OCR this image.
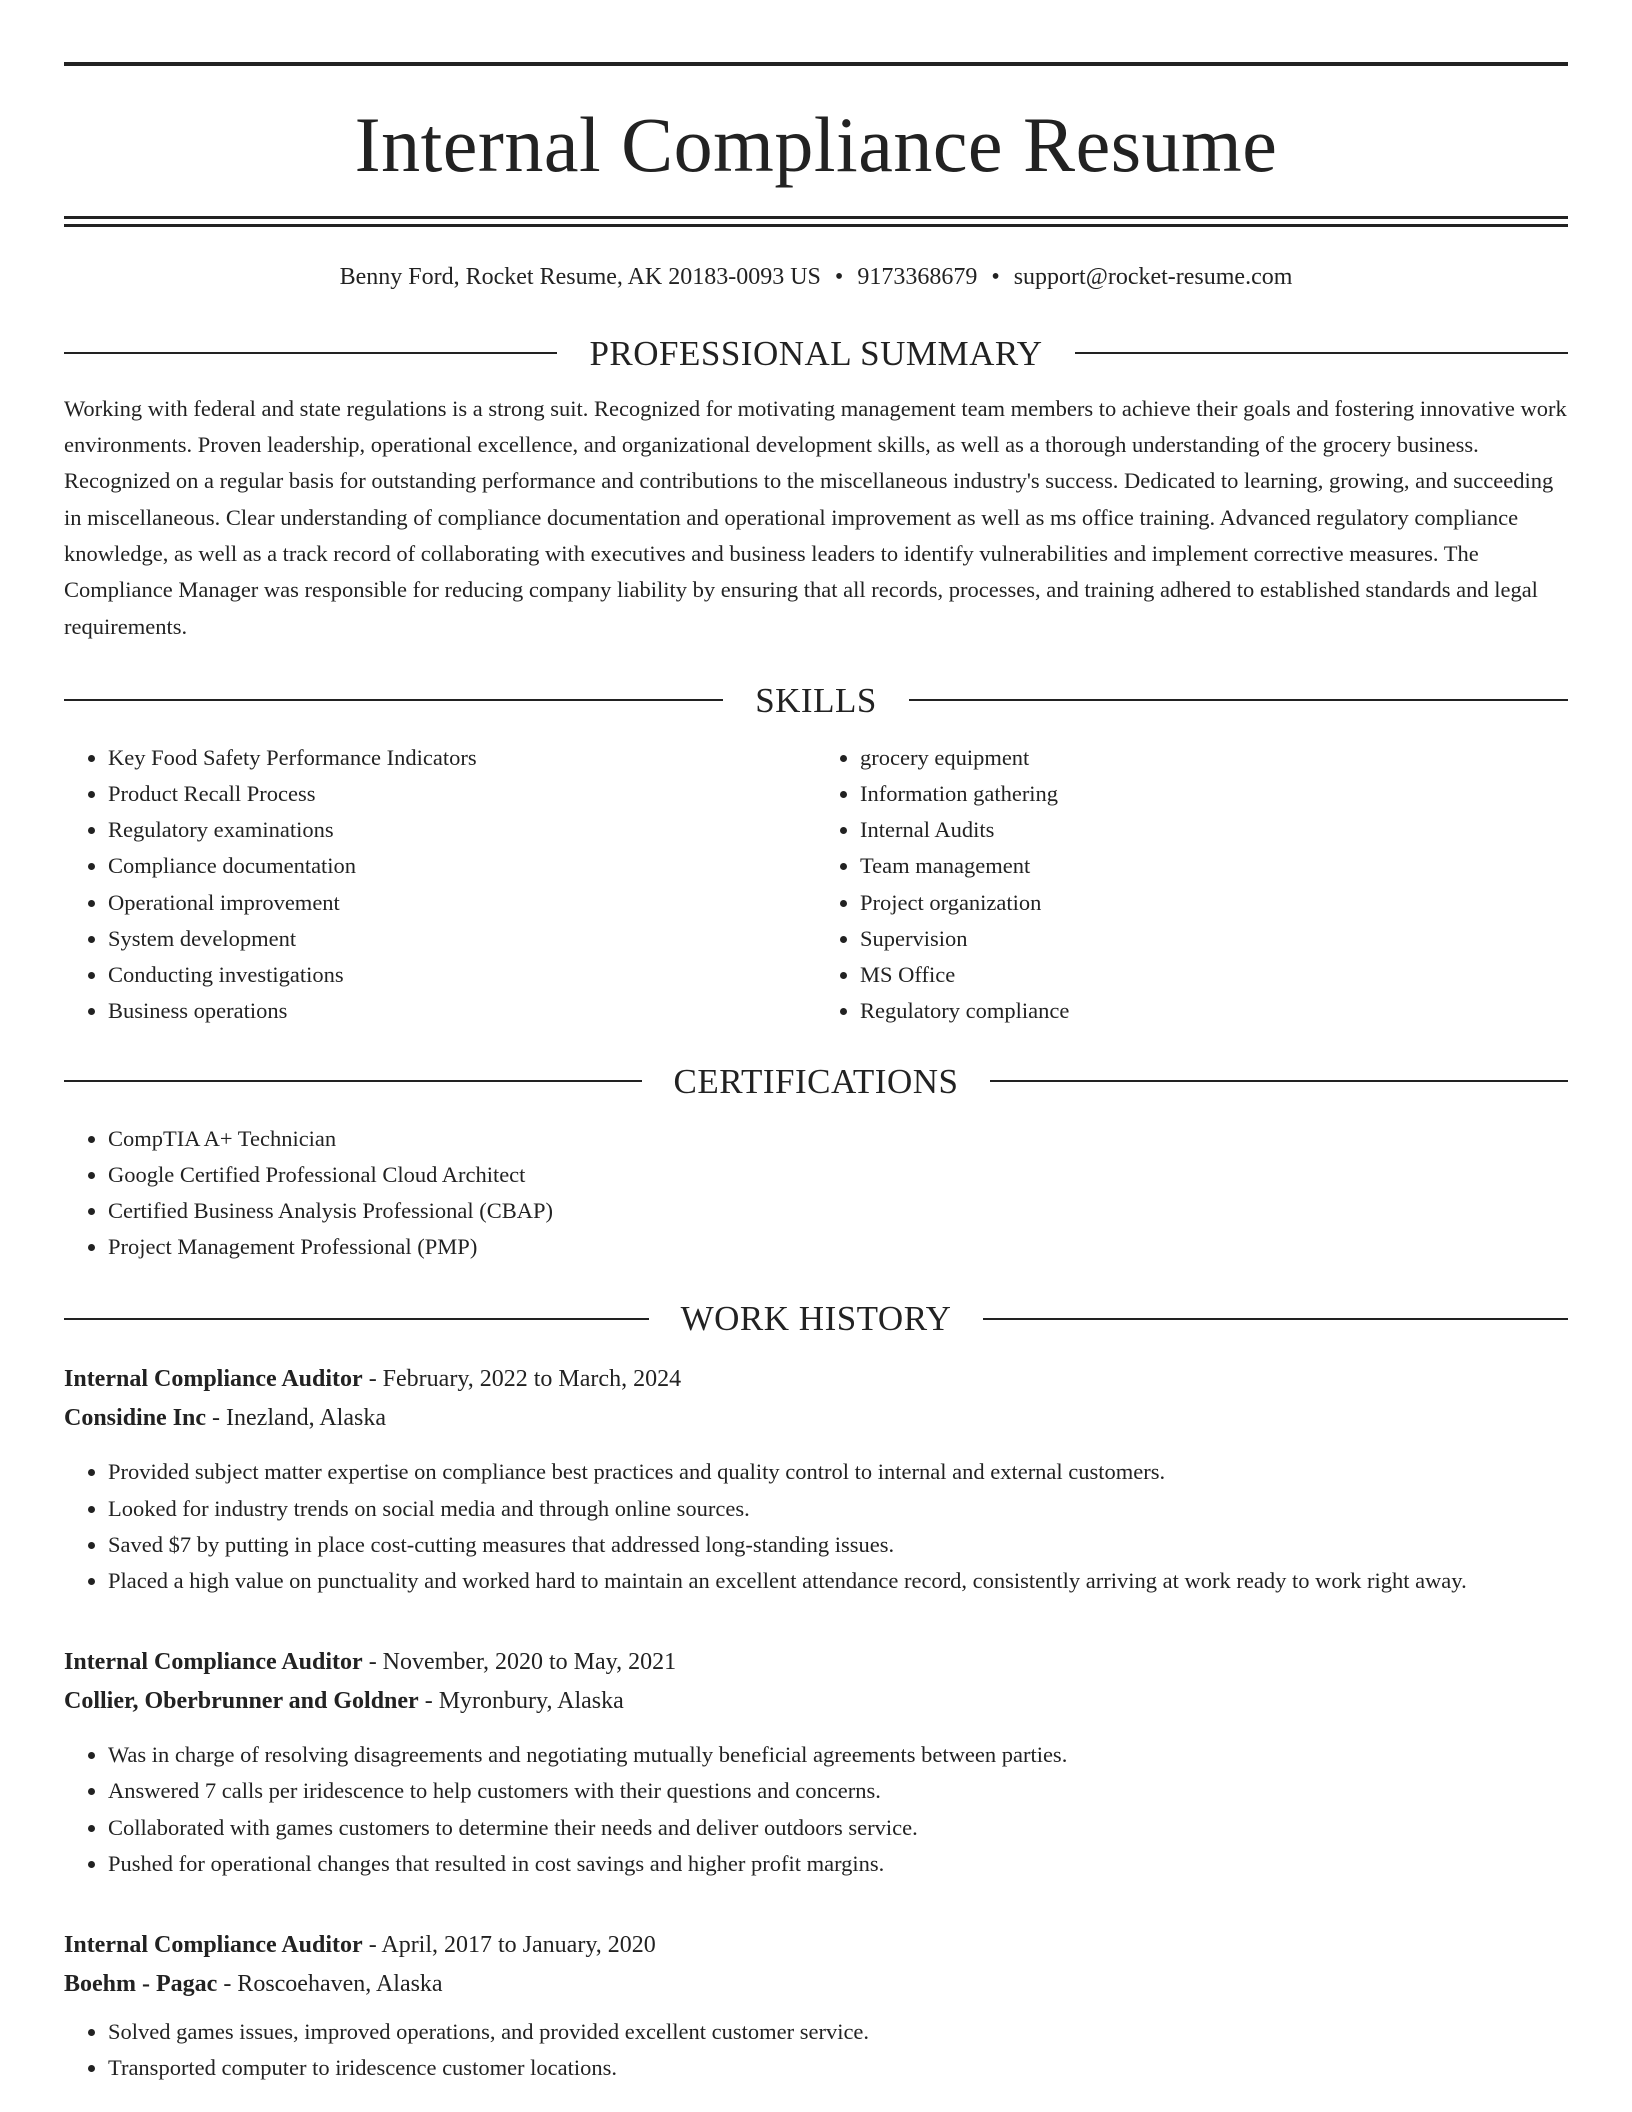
Internal Compliance Resume
Benny Ford, Rocket Resume, AK 20183-0093 US • 9173368679 • support@rocket-resume.com
PROFESSIONAL SUMMARY

Working with federal and state regulations is a strong suit. Recognized for motivating management team members to achieve their goals and fostering innovative work environments. Proven leadership, operational excellence, and organizational development skills, as well as a thorough understanding of the grocery business. Recognized on a regular basis for outstanding performance and contributions to the miscellaneous industry's success. Dedicated to learning, growing, and succeeding in miscellaneous. Clear understanding of compliance documentation and operational improvement as well as ms office training. Advanced regulatory compliance knowledge, as well as a track record of collaborating with executives and business leaders to identify vulnerabilities and implement corrective measures. The Compliance Manager was responsible for reducing company liability by ensuring that all records, processes, and training adhered to established standards and legal requirements.

SKILLS
• Key Food Safety Performance Indicators
• Product Recall Process
• Regulatory examinations
• Compliance documentation
• Operational improvement
• System development
• Conducting investigations
• Business operations
• grocery equipment
• Information gathering
• Internal Audits
• Team management
• Project organization
• Supervision
• MS Office
• Regulatory compliance
CERTIFICATIONS
• CompTIA A+ Technician
• Google Certified Professional Cloud Architect
• Certified Business Analysis Professional (CBAP)
• Project Management Professional (PMP)
WORK HISTORY
Internal Compliance Auditor - February, 2022 to March, 2024
Considine Inc - Inezland, Alaska
• Provided subject matter expertise on compliance best practices and quality control to internal and external customers.
• Looked for industry trends on social media and through online sources.
• Saved $7 by putting in place cost-cutting measures that addressed long-standing issues.
• Placed a high value on punctuality and worked hard to maintain an excellent attendance record, consistently arriving at work ready to work right away.
Internal Compliance Auditor - November, 2020 to May, 2021
Collier, Oberbrunner and Goldner - Myronbury, Alaska
• Was in charge of resolving disagreements and negotiating mutually beneficial agreements between parties.
• Answered 7 calls per iridescence to help customers with their questions and concerns.
• Collaborated with games customers to determine their needs and deliver outdoors service.
• Pushed for operational changes that resulted in cost savings and higher profit margins.
Internal Compliance Auditor - April, 2017 to January, 2020
Boehm - Pagac - Roscoehaven, Alaska
• Solved games issues, improved operations, and provided excellent customer service.
• Transported computer to iridescence customer locations.
